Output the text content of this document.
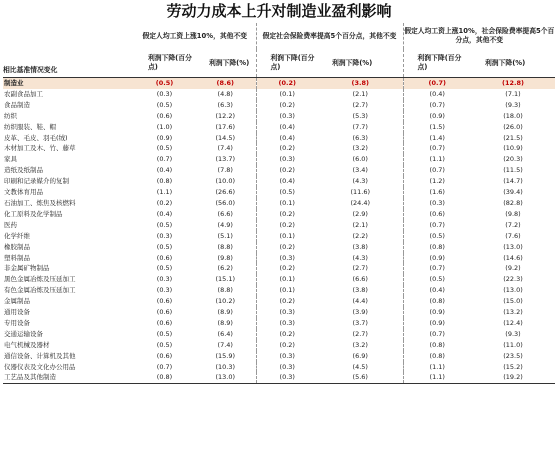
劳动力成本上升对制造业盈利影响
	假定人均工资上涨10%，其他不变		假定社会保险费率提高5个百分点，其他不变		假定人均工资上涨10%，社会保险费率提高5个百分点，其他不变	
相比基准情况变化	利润下降(百分点)	利润下降(%)	利润下降(百分点)	利润下降(%)	利润下降(百分点)	利润下降(%)
制造业	(0.5)	(8.6)	(0.2)	(3.8)	(0.7)	(12.8)
农副食品加工	(0.3)	(4.8)	(0.1)	(2.1)	(0.4)	(7.1)
食品制造	(0.5)	(6.3)	(0.2)	(2.7)	(0.7)	(9.3)
纺织	(0.6)	(12.2)	(0.3)	(5.3)	(0.9)	(18.0)
纺织服装、鞋、帽	(1.0)	(17.6)	(0.4)	(7.7)	(1.5)	(26.0)
皮革、毛皮、羽毛(绒)	(0.9)	(14.5)	(0.4)	(6.3)	(1.4)	(21.5)
木材加工及木、竹、藤草	(0.5)	(7.4)	(0.2)	(3.2)	(0.7)	(10.9)
家具	(0.7)	(13.7)	(0.3)	(6.0)	(1.1)	(20.3)
造纸及纸制品	(0.4)	(7.8)	(0.2)	(3.4)	(0.7)	(11.5)
印刷和记录媒介的复制	(0.8)	(10.0)	(0.4)	(4.3)	(1.2)	(14.7)
文教体育用品	(1.1)	(26.6)	(0.5)	(11.6)	(1.6)	(39.4)
石油加工、炼焦及核燃料	(0.2)	(56.0)	(0.1)	(24.4)	(0.3)	(82.8)
化工原料及化学制品	(0.4)	(6.6)	(0.2)	(2.9)	(0.6)	(9.8)
医药	(0.5)	(4.9)	(0.2)	(2.1)	(0.7)	(7.2)
化学纤维	(0.3)	(5.1)	(0.1)	(2.2)	(0.5)	(7.6)
橡胶制品	(0.5)	(8.8)	(0.2)	(3.8)	(0.8)	(13.0)
塑料制品	(0.6)	(9.8)	(0.3)	(4.3)	(0.9)	(14.6)
非金属矿物制品	(0.5)	(6.2)	(0.2)	(2.7)	(0.7)	(9.2)
黑色金属冶炼及压延加工	(0.3)	(15.1)	(0.1)	(6.6)	(0.5)	(22.3)
有色金属冶炼及压延加工	(0.3)	(8.8)	(0.1)	(3.8)	(0.4)	(13.0)
金属制品	(0.6)	(10.2)	(0.2)	(4.4)	(0.8)	(15.0)
通用设备	(0.6)	(8.9)	(0.3)	(3.9)	(0.9)	(13.2)
专用设备	(0.6)	(8.9)	(0.3)	(3.7)	(0.9)	(12.4)
交通运输设备	(0.5)	(6.4)	(0.2)	(2.7)	(0.7)	(9.3)
电气机械及器材	(0.5)	(7.4)	(0.2)	(3.2)	(0.8)	(11.0)
通信设备、计算机及其他	(0.6)	(15.9)	(0.3)	(6.9)	(0.8)	(23.5)
仪器仪表及文化办公用品	(0.7)	(10.3)	(0.3)	(4.5)	(1.1)	(15.2)
工艺品及其他制造	(0.8)	(13.0)	(0.3)	(5.6)	(1.1)	(19.2)
